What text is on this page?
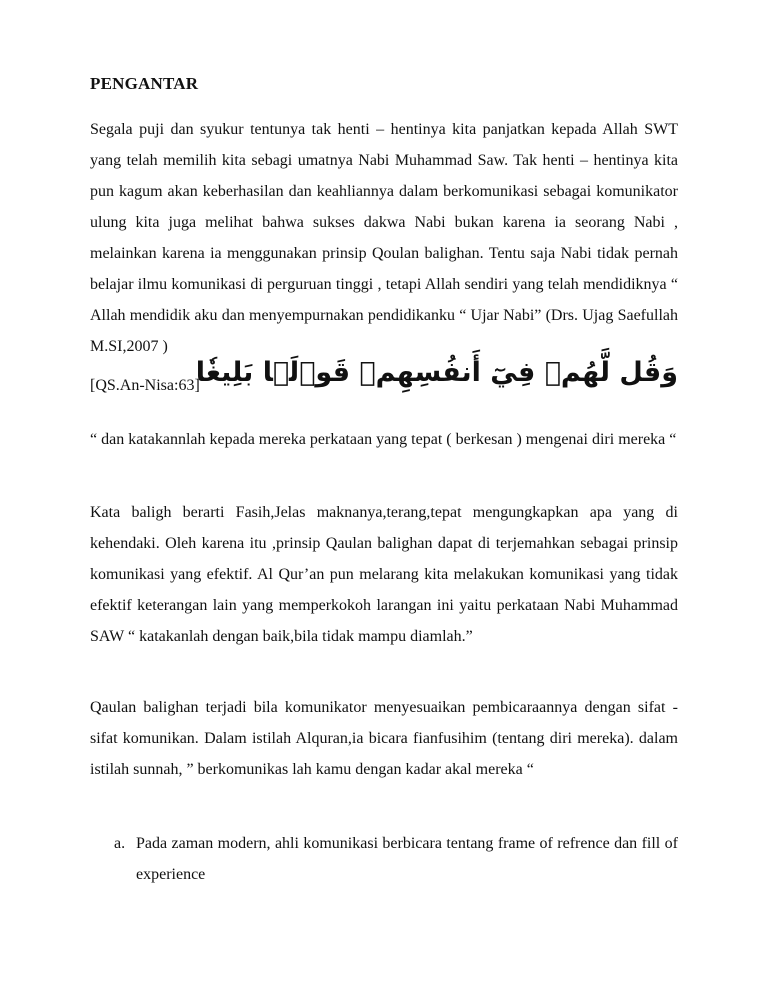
PENGANTAR
Segala puji dan syukur tentunya tak henti – hentinya kita panjatkan kepada Allah SWT yang telah memilih kita sebagi umatnya Nabi Muhammad Saw. Tak henti – hentinya kita pun kagum akan keberhasilan dan keahliannya dalam berkomunikasi sebagai komunikator ulung kita juga melihat bahwa sukses dakwa Nabi bukan karena ia seorang Nabi , melainkan karena ia menggunakan prinsip Qoulan balighan. Tentu saja Nabi tidak pernah belajar ilmu komunikasi di perguruan tinggi , tetapi Allah sendiri yang telah mendidiknya “ Allah mendidik aku dan menyempurnakan pendidikanku “ Ujar Nabi” (Drs. Ujag Saefullah M.SI,2007 )
[QS.An-Nisa:63]
وَقُل لَّهُمۡ فِيٓ أَنفُسِهِمۡ قَوۡلَۢا بَلِيغٗا
“ dan katakannlah kepada mereka perkataan yang tepat ( berkesan ) mengenai diri mereka “
Kata baligh berarti Fasih,Jelas maknanya,terang,tepat mengungkapkan apa yang di kehendaki. Oleh karena itu ,prinsip Qaulan balighan dapat di terjemahkan sebagai prinsip komunikasi yang efektif. Al Qur’an pun melarang kita melakukan komunikasi yang tidak efektif keterangan lain yang memperkokoh larangan ini yaitu perkataan Nabi Muhammad SAW “ katakanlah dengan baik,bila tidak mampu diamlah.”
Qaulan balighan terjadi bila komunikator menyesuaikan pembicaraannya dengan sifat - sifat komunikan. Dalam istilah Alquran,ia bicara fianfusihim (tentang diri mereka). dalam istilah sunnah, ” berkomunikas lah kamu dengan kadar akal mereka “
a. Pada zaman modern, ahli komunikasi berbicara tentang frame of refrence dan fill of experience
